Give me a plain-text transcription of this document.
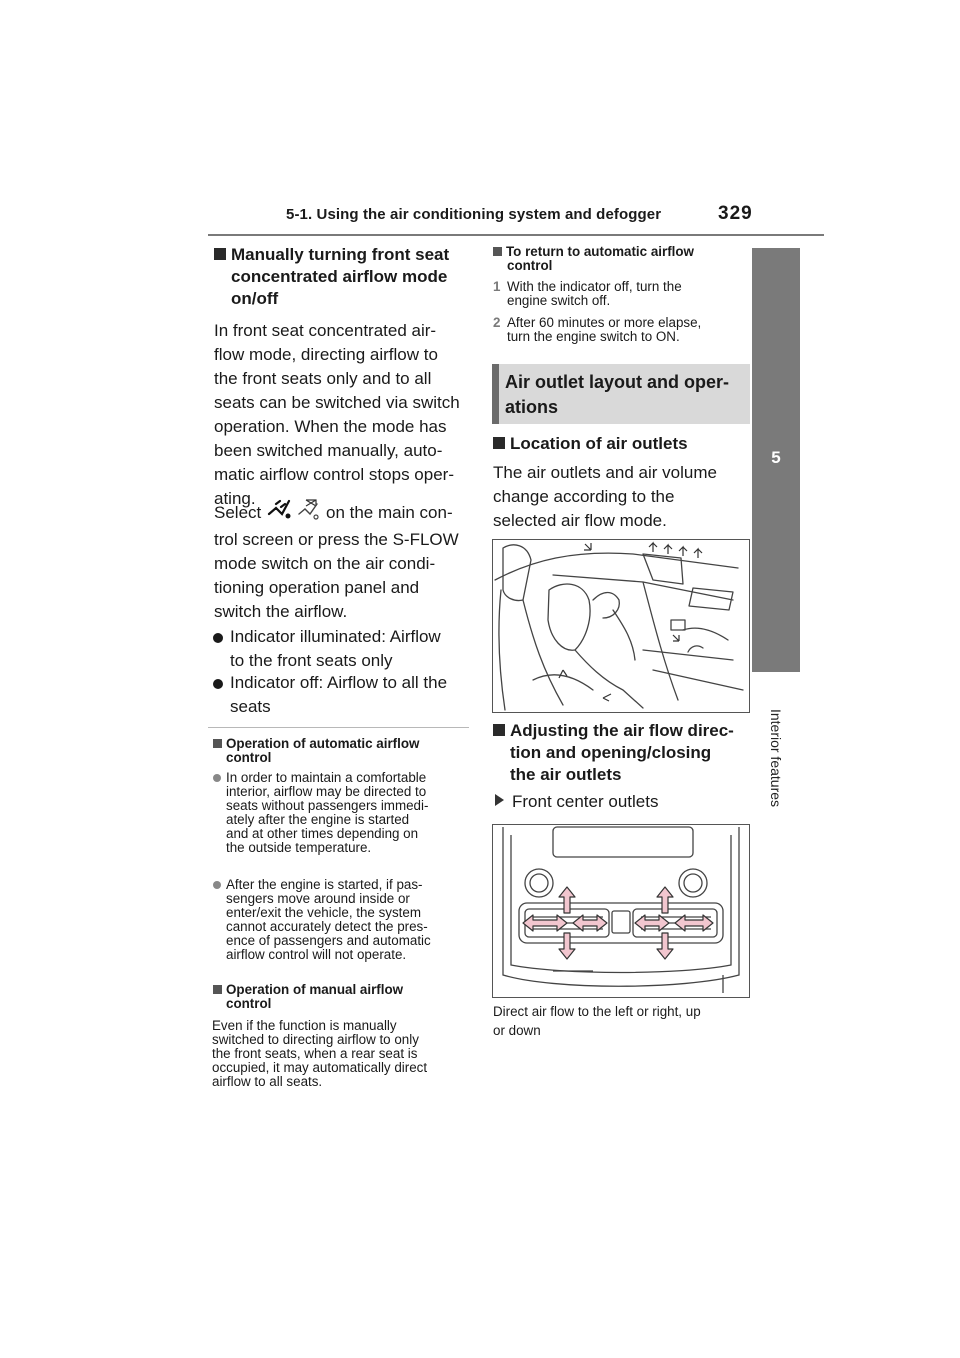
5-1. Using the air conditioning system and defogger	329
5
Interior features
Manually turning front seat
concentrated airflow mode
on/off
In front seat concentrated air-
flow mode, directing airflow to
the front seats only and to all
seats can be switched via switch
operation. When the mode has
been switched manually, auto-
matic airflow control stops oper-
ating.
Select	on the main con-
trol screen or press the S-FLOW
mode switch on the air condi-
tioning operation panel and
switch the airflow.
Indicator illuminated: Airflow
to the front seats only
Indicator off: Airflow to all the
seats
Operation of automatic airflow
control
In order to maintain a comfortable
interior, airflow may be directed to
seats without passengers immedi-
ately after the engine is started
and at other times depending on
the outside temperature.
After the engine is started, if pas-
sengers move around inside or
enter/exit the vehicle, the system
cannot accurately detect the pres-
ence of passengers and automatic
airflow control will not operate.
Operation of manual airflow
control
Even if the function is manually
switched to directing airflow to only
the front seats, when a rear seat is
occupied, it may automatically direct
airflow to all seats.
To return to automatic airflow
control
1 With the indicator off, turn the
engine switch off.
2 After 60 minutes or more elapse,
turn the engine switch to ON.
Air outlet layout and oper-
ations
Location of air outlets
The air outlets and air volume
change according to the
selected air flow mode.
Adjusting the air flow direc-
tion and opening/closing
the air outlets
Front center outlets
Direct air flow to the left or right, up
or down
